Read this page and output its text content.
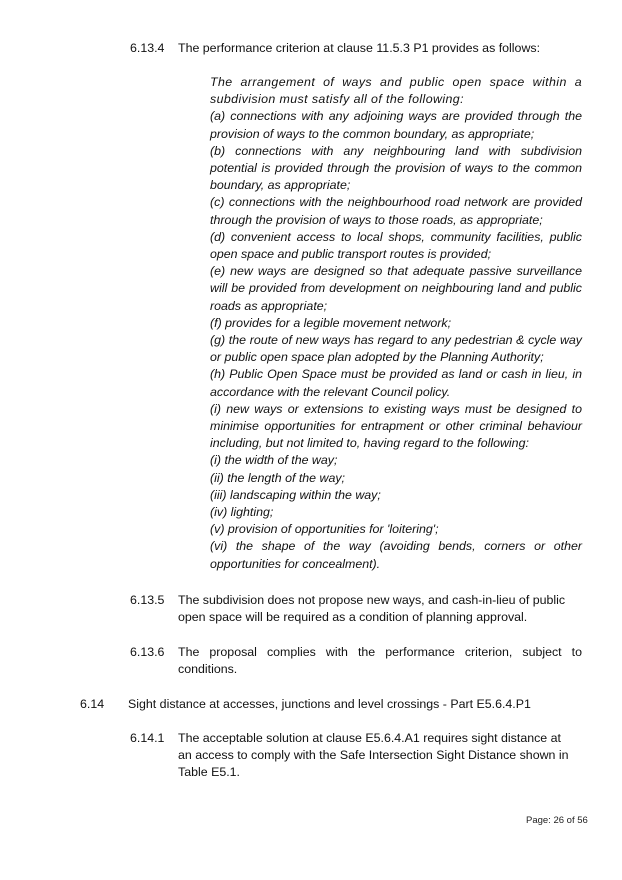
6.13.4 The performance criterion at clause 11.5.3 P1 provides as follows:
The arrangement of ways and public open space within a subdivision must satisfy all of the following:
(a) connections with any adjoining ways are provided through the provision of ways to the common boundary, as appropriate;
(b) connections with any neighbouring land with subdivision potential is provided through the provision of ways to the common boundary, as appropriate;
(c) connections with the neighbourhood road network are provided through the provision of ways to those roads, as appropriate;
(d) convenient access to local shops, community facilities, public open space and public transport routes is provided;
(e) new ways are designed so that adequate passive surveillance will be provided from development on neighbouring land and public roads as appropriate;
(f) provides for a legible movement network;
(g) the route of new ways has regard to any pedestrian & cycle way or public open space plan adopted by the Planning Authority;
(h) Public Open Space must be provided as land or cash in lieu, in accordance with the relevant Council policy.
(i) new ways or extensions to existing ways must be designed to minimise opportunities for entrapment or other criminal behaviour including, but not limited to, having regard to the following:
(i) the width of the way;
(ii) the length of the way;
(iii) landscaping within the way;
(iv) lighting;
(v) provision of opportunities for 'loitering';
(vi) the shape of the way (avoiding bends, corners or other opportunities for concealment).
6.13.5 The subdivision does not propose new ways, and cash-in-lieu of public open space will be required as a condition of planning approval.
6.13.6 The proposal complies with the performance criterion, subject to conditions.
6.14 Sight distance at accesses, junctions and level crossings - Part E5.6.4.P1
6.14.1 The acceptable solution at clause E5.6.4.A1 requires sight distance at an access to comply with the Safe Intersection Sight Distance shown in Table E5.1.
Page: 26 of 56
